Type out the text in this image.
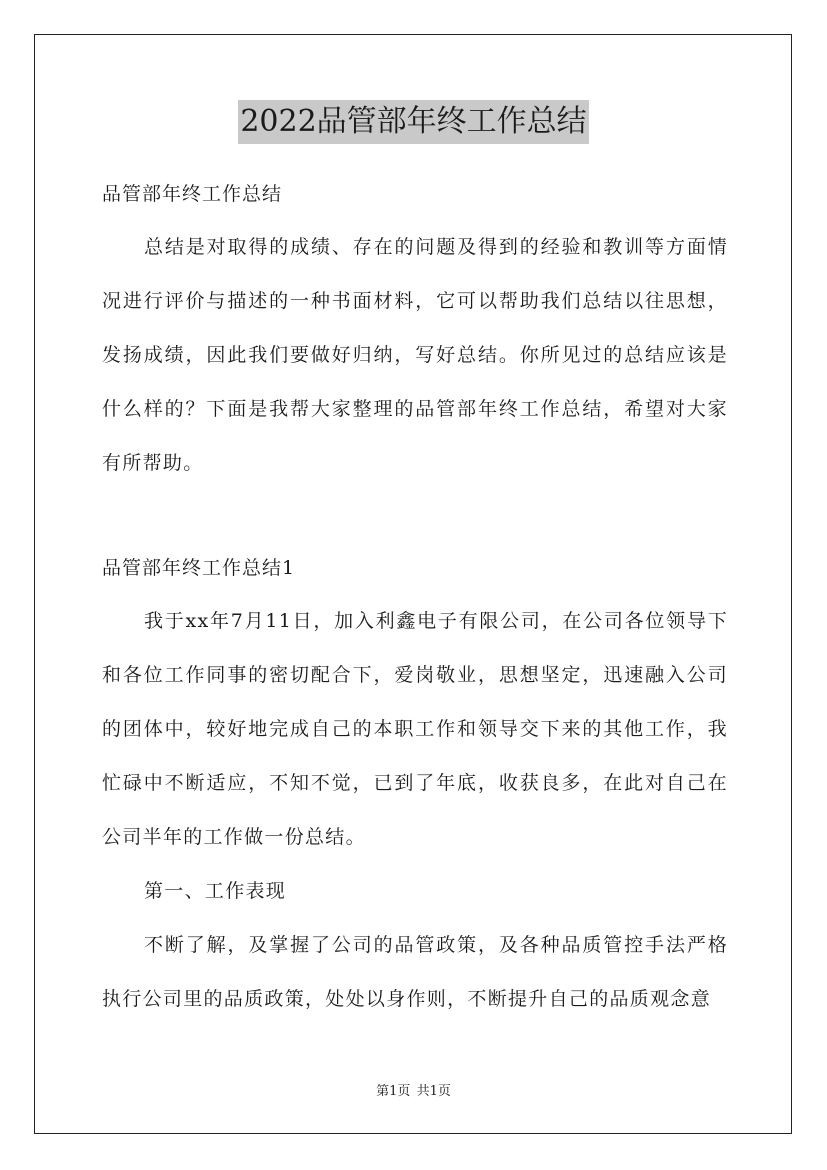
2022品管部年终工作总结
品管部年终工作总结

总结是对取得的成绩、存在的问题及得到的经验和教训等方面情况进行评价与描述的一种书面材料，它可以帮助我们总结以往思想，发扬成绩，因此我们要做好归纳，写好总结。你所见过的总结应该是什么样的？下面是我帮大家整理的品管部年终工作总结，希望对大家有所帮助。

品管部年终工作总结1

我于xx年7月11日，加入利鑫电子有限公司，在公司各位领导下和各位工作同事的密切配合下，爱岗敬业，思想坚定，迅速融入公司的团体中，较好地完成自己的本职工作和领导交下来的其他工作，我忙碌中不断适应，不知不觉，已到了年底，收获良多，在此对自己在公司半年的工作做一份总结。

第一、工作表现

不断了解，及掌握了公司的品管政策，及各种品质管控手法严格执行公司里的品质政策，处处以身作则，不断提升自己的品质观念意

第1页 共1页
